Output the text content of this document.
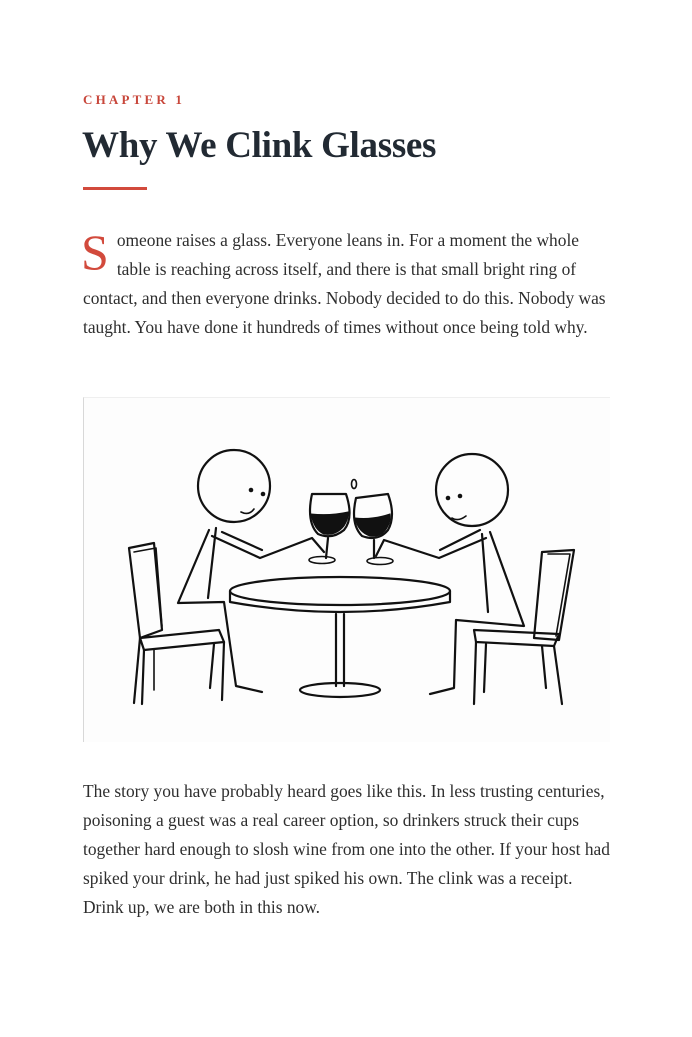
CHAPTER 1
Why We Clink Glasses

Someone raises a glass. Everyone leans in. For a moment the whole table is reaching across itself, and there is that small bright ring of contact, and then everyone drinks. Nobody decided to do this. Nobody was taught. You have done it hundreds of times without once being told why.

The story you have probably heard goes like this. In less trusting centuries, poisoning a guest was a real career option, so drinkers struck their cups together hard enough to slosh wine from one into the other. If your host had spiked your drink, he had just spiked his own. The clink was a receipt. Drink up, we are both in this now.
